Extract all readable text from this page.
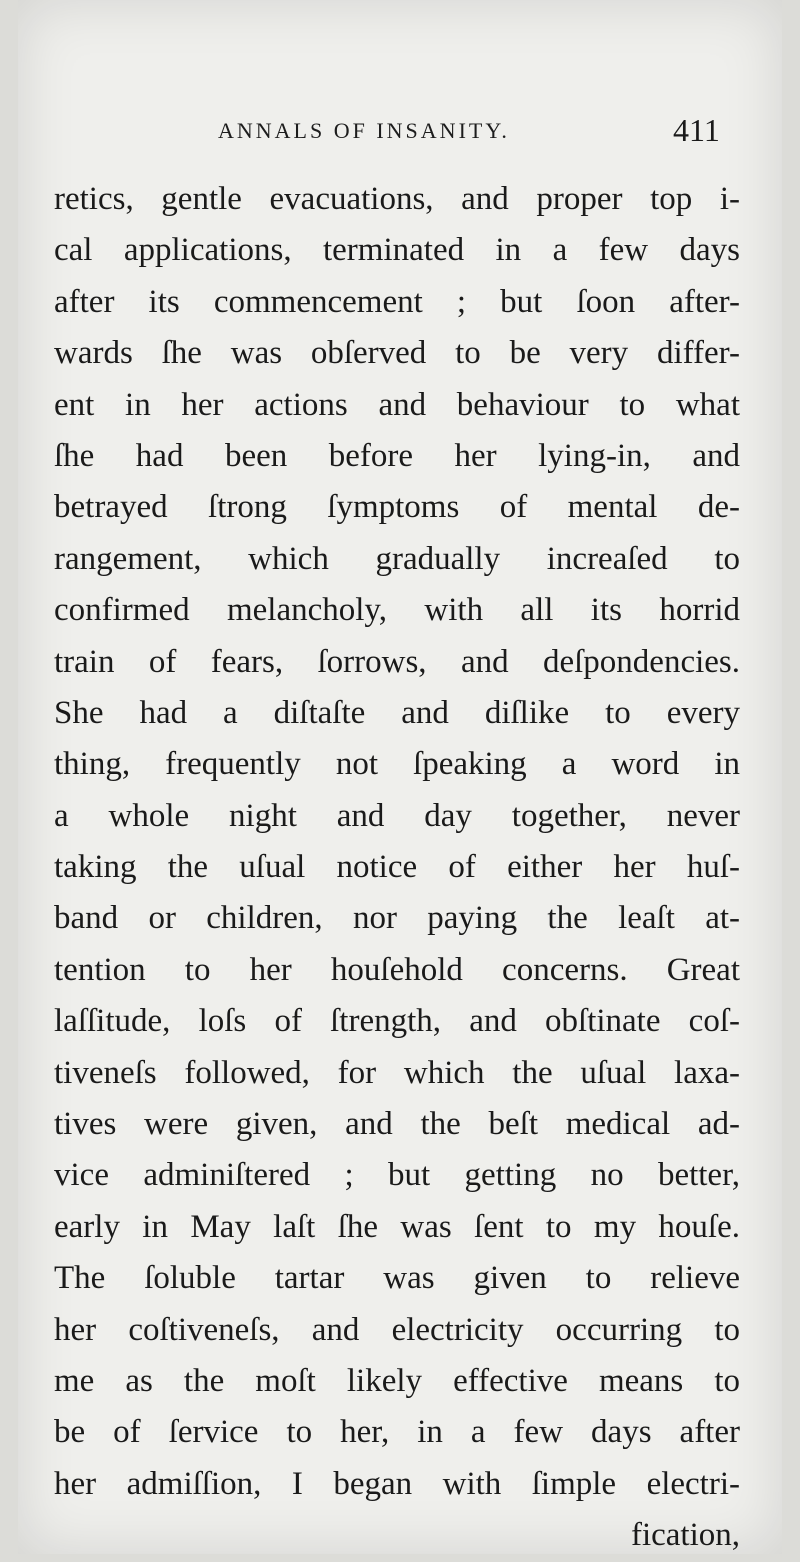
ANNALS OF INSANITY.	411
retics, gentle evacuations, and proper top i-
cal applications, terminated in a few days
after its commencement ; but ſoon after-
wards ſhe was obſerved to be very differ-
ent in her actions and behaviour to what
ſhe had been before her lying-in, and
betrayed ſtrong ſymptoms of mental de-
rangement, which gradually increaſed to
confirmed melancholy, with all its horrid
train of fears, ſorrows, and deſpondencies.
She had a diſtaſte and diſlike to every
thing, frequently not ſpeaking a word in
a whole night and day together, never
taking the uſual notice of either her huſ-
band or children, nor paying the leaſt at-
tention to her houſehold concerns. Great
laſſitude, loſs of ſtrength, and obſtinate coſ-
tiveneſs followed, for which the uſual laxa-
tives were given, and the beſt medical ad-
vice adminiſtered ; but getting no better,
early in May laſt ſhe was ſent to my houſe.
The ſoluble tartar was given to relieve
her coſtiveneſs, and electricity occurring to
me as the moſt likely effective means to
be of ſervice to her, in a few days after
her admiſſion, I began with ſimple electri-
fication,
